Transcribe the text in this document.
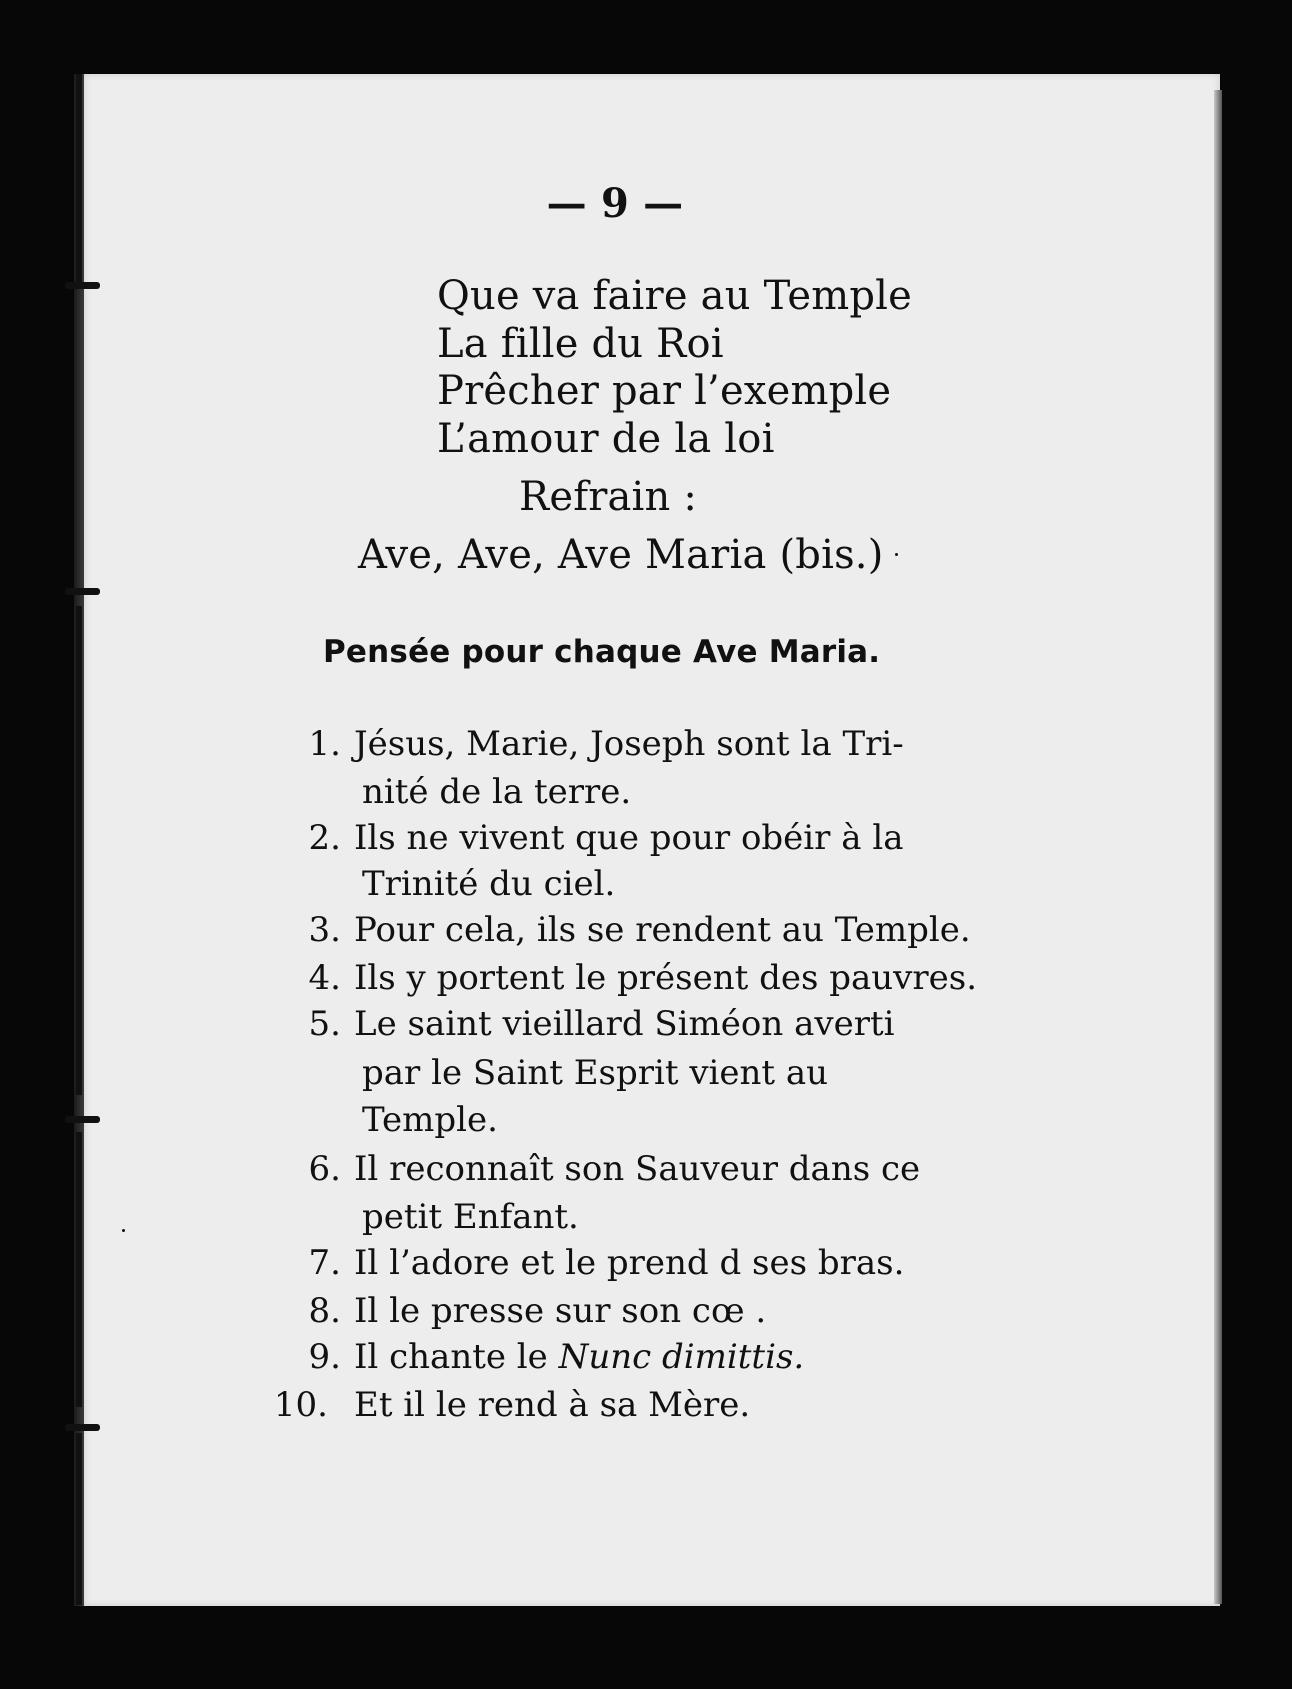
— 9 —
Que va faire au Temple
La fille du Roi
Prêcher par l’exemple
L’amour de la loi
Refrain :
Ave, Ave, Ave Maria (bis.)
Pensée pour chaque Ave Maria.
1. Jésus, Marie, Joseph sont la Tri-
nité de la terre.
2. Ils ne vivent que pour obéir à la
Trinité du ciel.
3. Pour cela, ils se rendent au Temple.
4. Ils y portent le présent des pauvres.
5. Le saint vieillard Siméon averti
par le Saint Esprit vient au
Temple.
6. Il reconnaît son Sauveur dans ce
petit Enfant.
7. Il l’adore et le prend d ses bras.
8. Il le presse sur son cœ .
9. Il chante le Nunc dimittis.
10. Et il le rend à sa Mère.
